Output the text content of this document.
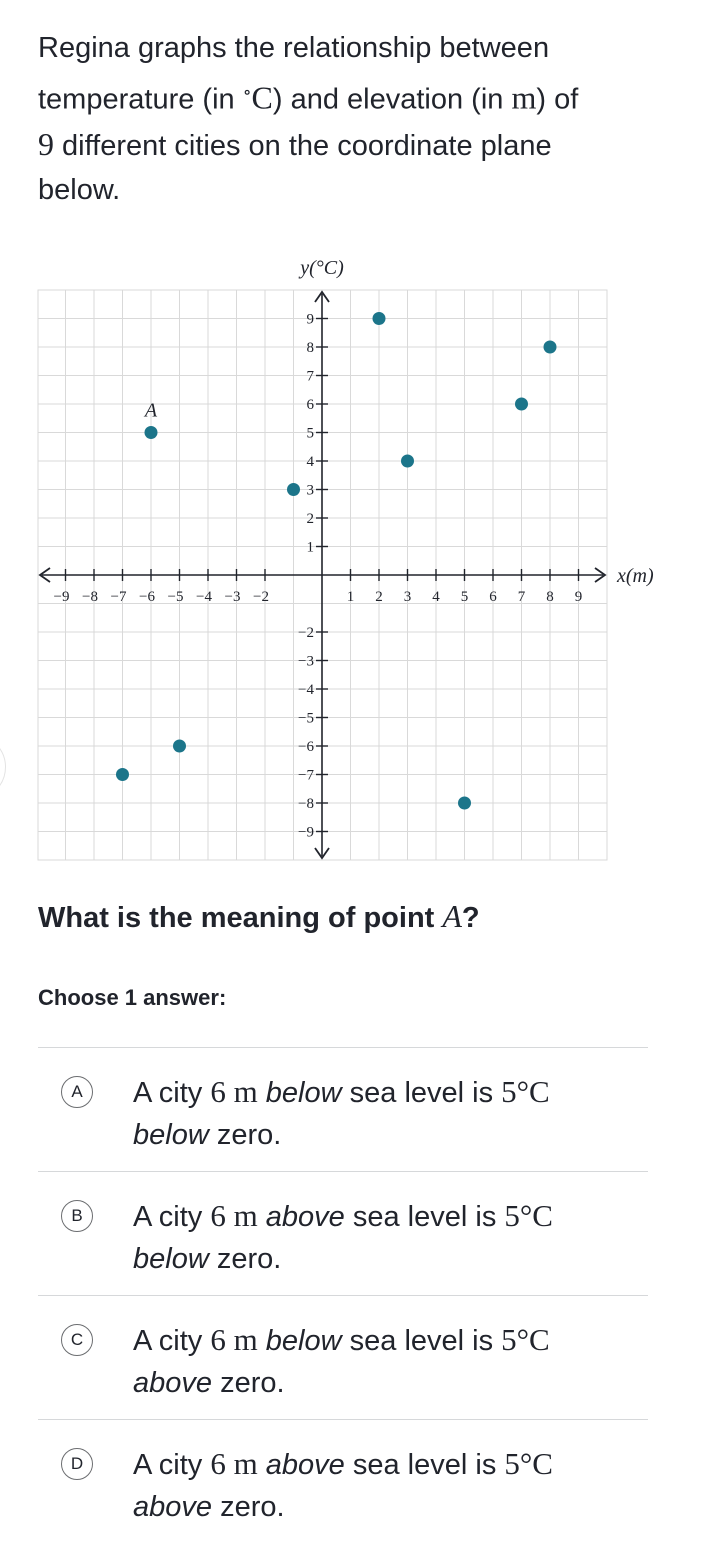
Regina graphs the relationship between
temperature (in ∘C) and elevation (in m) of
9 different cities on the coordinate plane
below.

−9 −8 −7 −6 −5 −4 −3 −2	1 2 3 4 5 6 7 8 9
−9
−8
−7
−6
−5
−4
−3
−2
1
2
3
4
5
6
7
8
9
A
x(m)
y(°C)

What is the meaning of point A?

Choose 1 answer:

A	A city 6 m below sea level is 5°C
below zero.
B	A city 6 m above sea level is 5°C
below zero.
C	A city 6 m below sea level is 5°C
above zero.
D	A city 6 m above sea level is 5°C
above zero.
